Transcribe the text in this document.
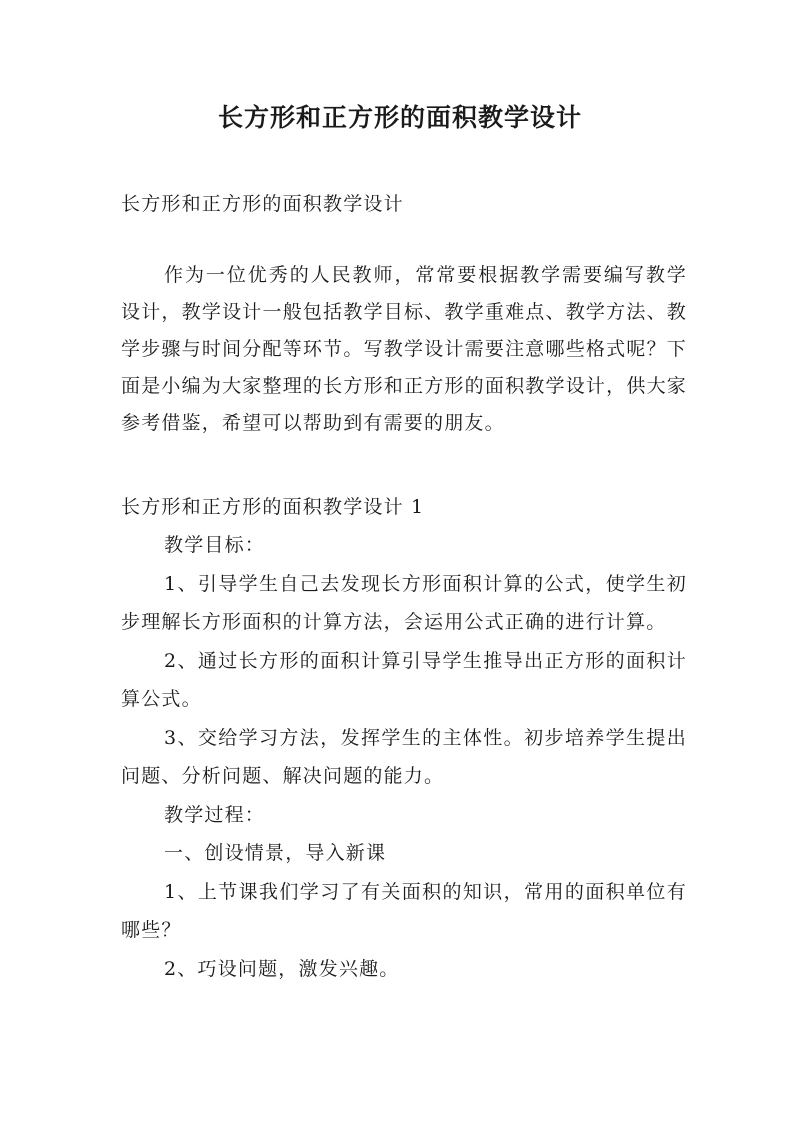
长方形和正方形的面积教学设计
长方形和正方形的面积教学设计
作为一位优秀的人民教师，常常要根据教学需要编写教学设计，教学设计一般包括教学目标、教学重难点、教学方法、教学步骤与时间分配等环节。写教学设计需要注意哪些格式呢？下面是小编为大家整理的长方形和正方形的面积教学设计，供大家参考借鉴，希望可以帮助到有需要的朋友。
长方形和正方形的面积教学设计 1
教学目标：
1、引导学生自己去发现长方形面积计算的公式，使学生初步理解长方形面积的计算方法，会运用公式正确的进行计算。
2、通过长方形的面积计算引导学生推导出正方形的面积计算公式。
3、交给学习方法，发挥学生的主体性。初步培养学生提出问题、分析问题、解决问题的能力。
教学过程：
一、创设情景，导入新课
1、上节课我们学习了有关面积的知识，常用的面积单位有哪些？
2、巧设问题，激发兴趣。
